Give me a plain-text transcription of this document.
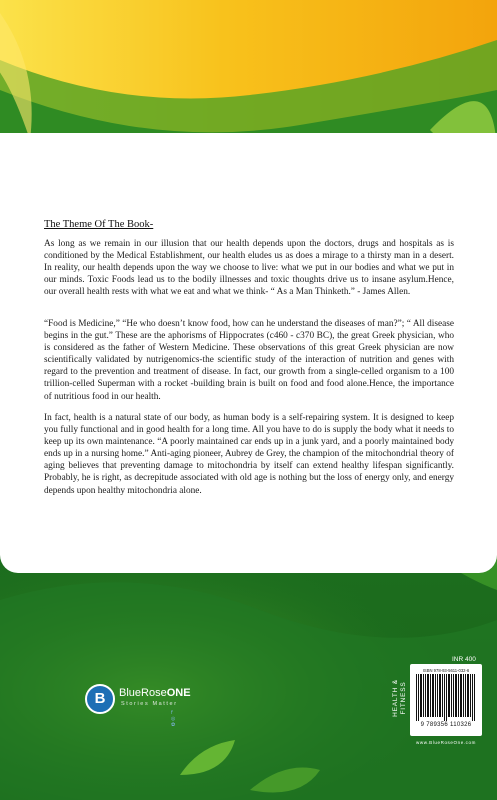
The Theme Of The Book-

As long as we remain in our illusion that our health depends upon the doctors, drugs and hospitals as is conditioned by the Medical Establishment, our health eludes us as does a mirage to a thirsty man in a desert. In reality, our health depends upon the way we choose to live: what we put in our bodies and what we put in our minds. Toxic Foods lead us to the bodily illnesses and toxic thoughts drive us to insane asylum.Hence, our overall health rests with what we eat and what we think- “ As a Man Thinketh.” - James Allen.

“Food is Medicine,” “He who doesn’t know food, how can he understand the diseases of man?”; “ All disease begins in the gut.” These are the aphorisms of Hippocrates (c460 - c370 BC), the great Greek physician, who is considered as the father of Western Medicine. These observations of this great Greek physician are now scientifically validated by nutrigenomics-the scientific study of the interaction of nutrition and genes with regard to the prevention and treatment of disease. In fact, our growth from a single-celled organism to a 100 trillion-celled Superman with a rocket -building brain is built on food and food alone.Hence, the importance of nutritious food in our health.

In fact, health is a natural state of our body, as human body is a self-repairing system. It is designed to keep you fully functional and in good health for a long time. All you have to do is supply the body what it needs to keep up its own maintenance. “A poorly maintained car ends up in a junk yard, and a poorly maintained body ends up in a nursing home.” Anti-aging pioneer, Aubrey de Grey, the champion of the mitochondrial theory of aging believes that preventing damage to mitochondria by itself can extend healthy lifespan significantly. Probably, he is right, as decrepitude associated with old age is nothing but the loss of energy only, and energy depends upon healthy mitochondria alone.

B	BlueRoseONE
Stories Matter
f ◎ ✿
HEALTH &
FITNESS
INR 400
ISBN 978-93-5611-032-6
9 789356 110326
www.BlueRoseOne.com
